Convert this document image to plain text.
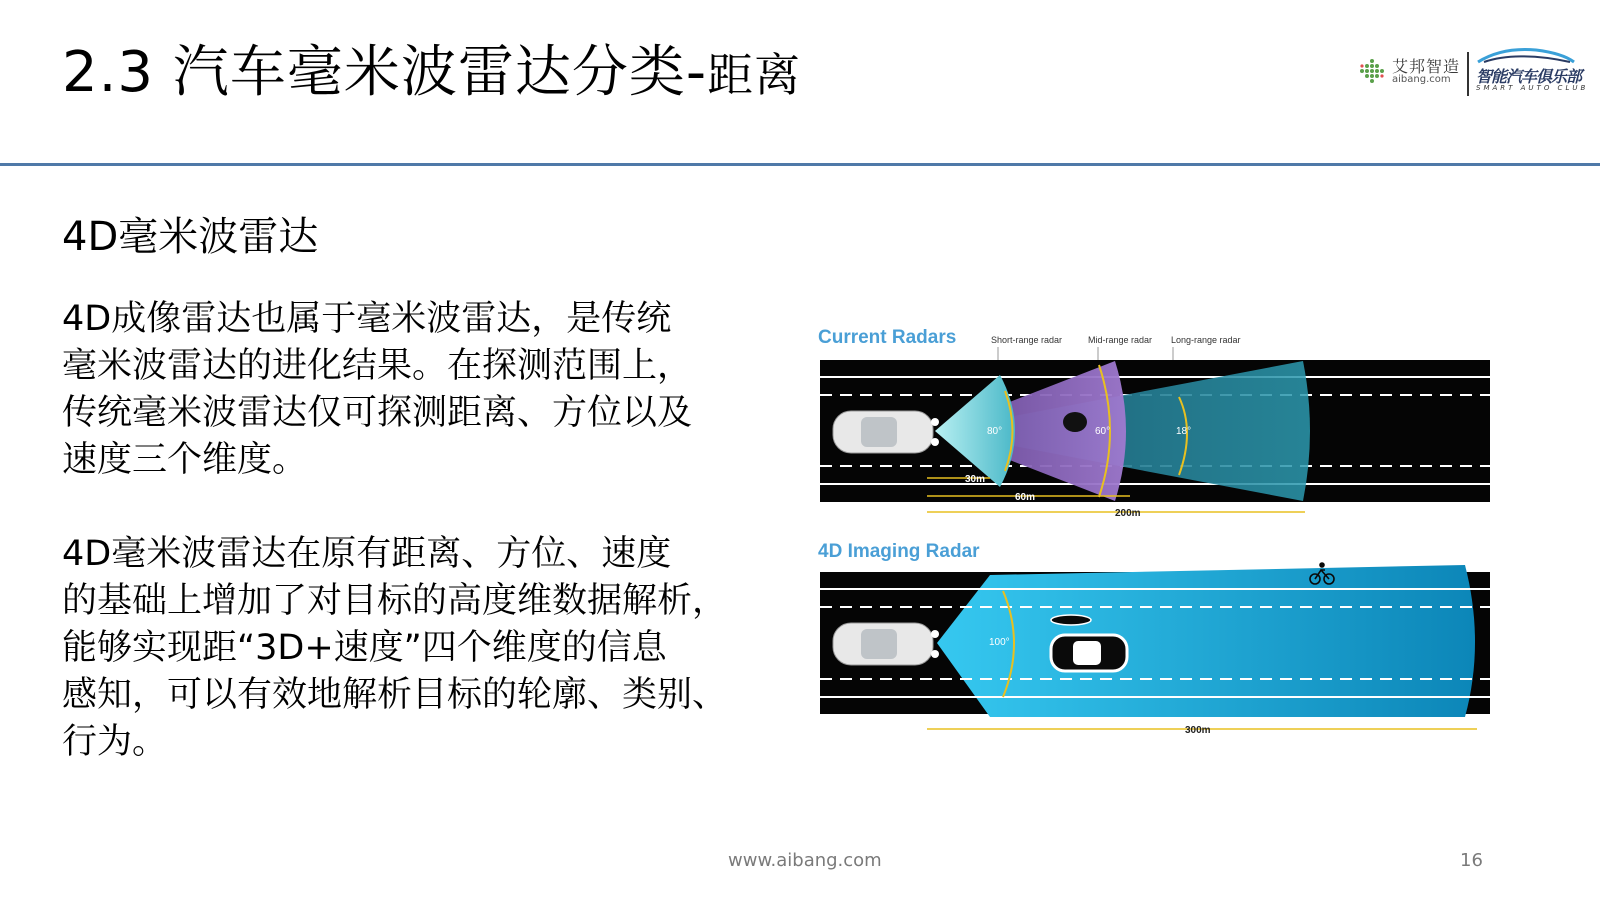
2.3 汽车毫米波雷达分类-距离	艾邦智造
aibang.com 智能汽车俱乐部
SMART AUTO CLUB
4D毫米波雷达
4D成像雷达也属于毫米波雷达，是传统
毫米波雷达的进化结果。在探测范围上，
传统毫米波雷达仅可探测距离、方位以及
速度三个维度。
4D毫米波雷达在原有距离、方位、速度
的基础上增加了对目标的高度维数据解析，
能够实现距“3D+速度”四个维度的信息
感知，可以有效地解析目标的轮廓、类别、
行为。
Current Radars	Short-range radar	Mid-range radar Long-range radar
80°	60°	18°
30m
60m
200m
4D Imaging Radar
100°
300m
www.aibang.com	16
